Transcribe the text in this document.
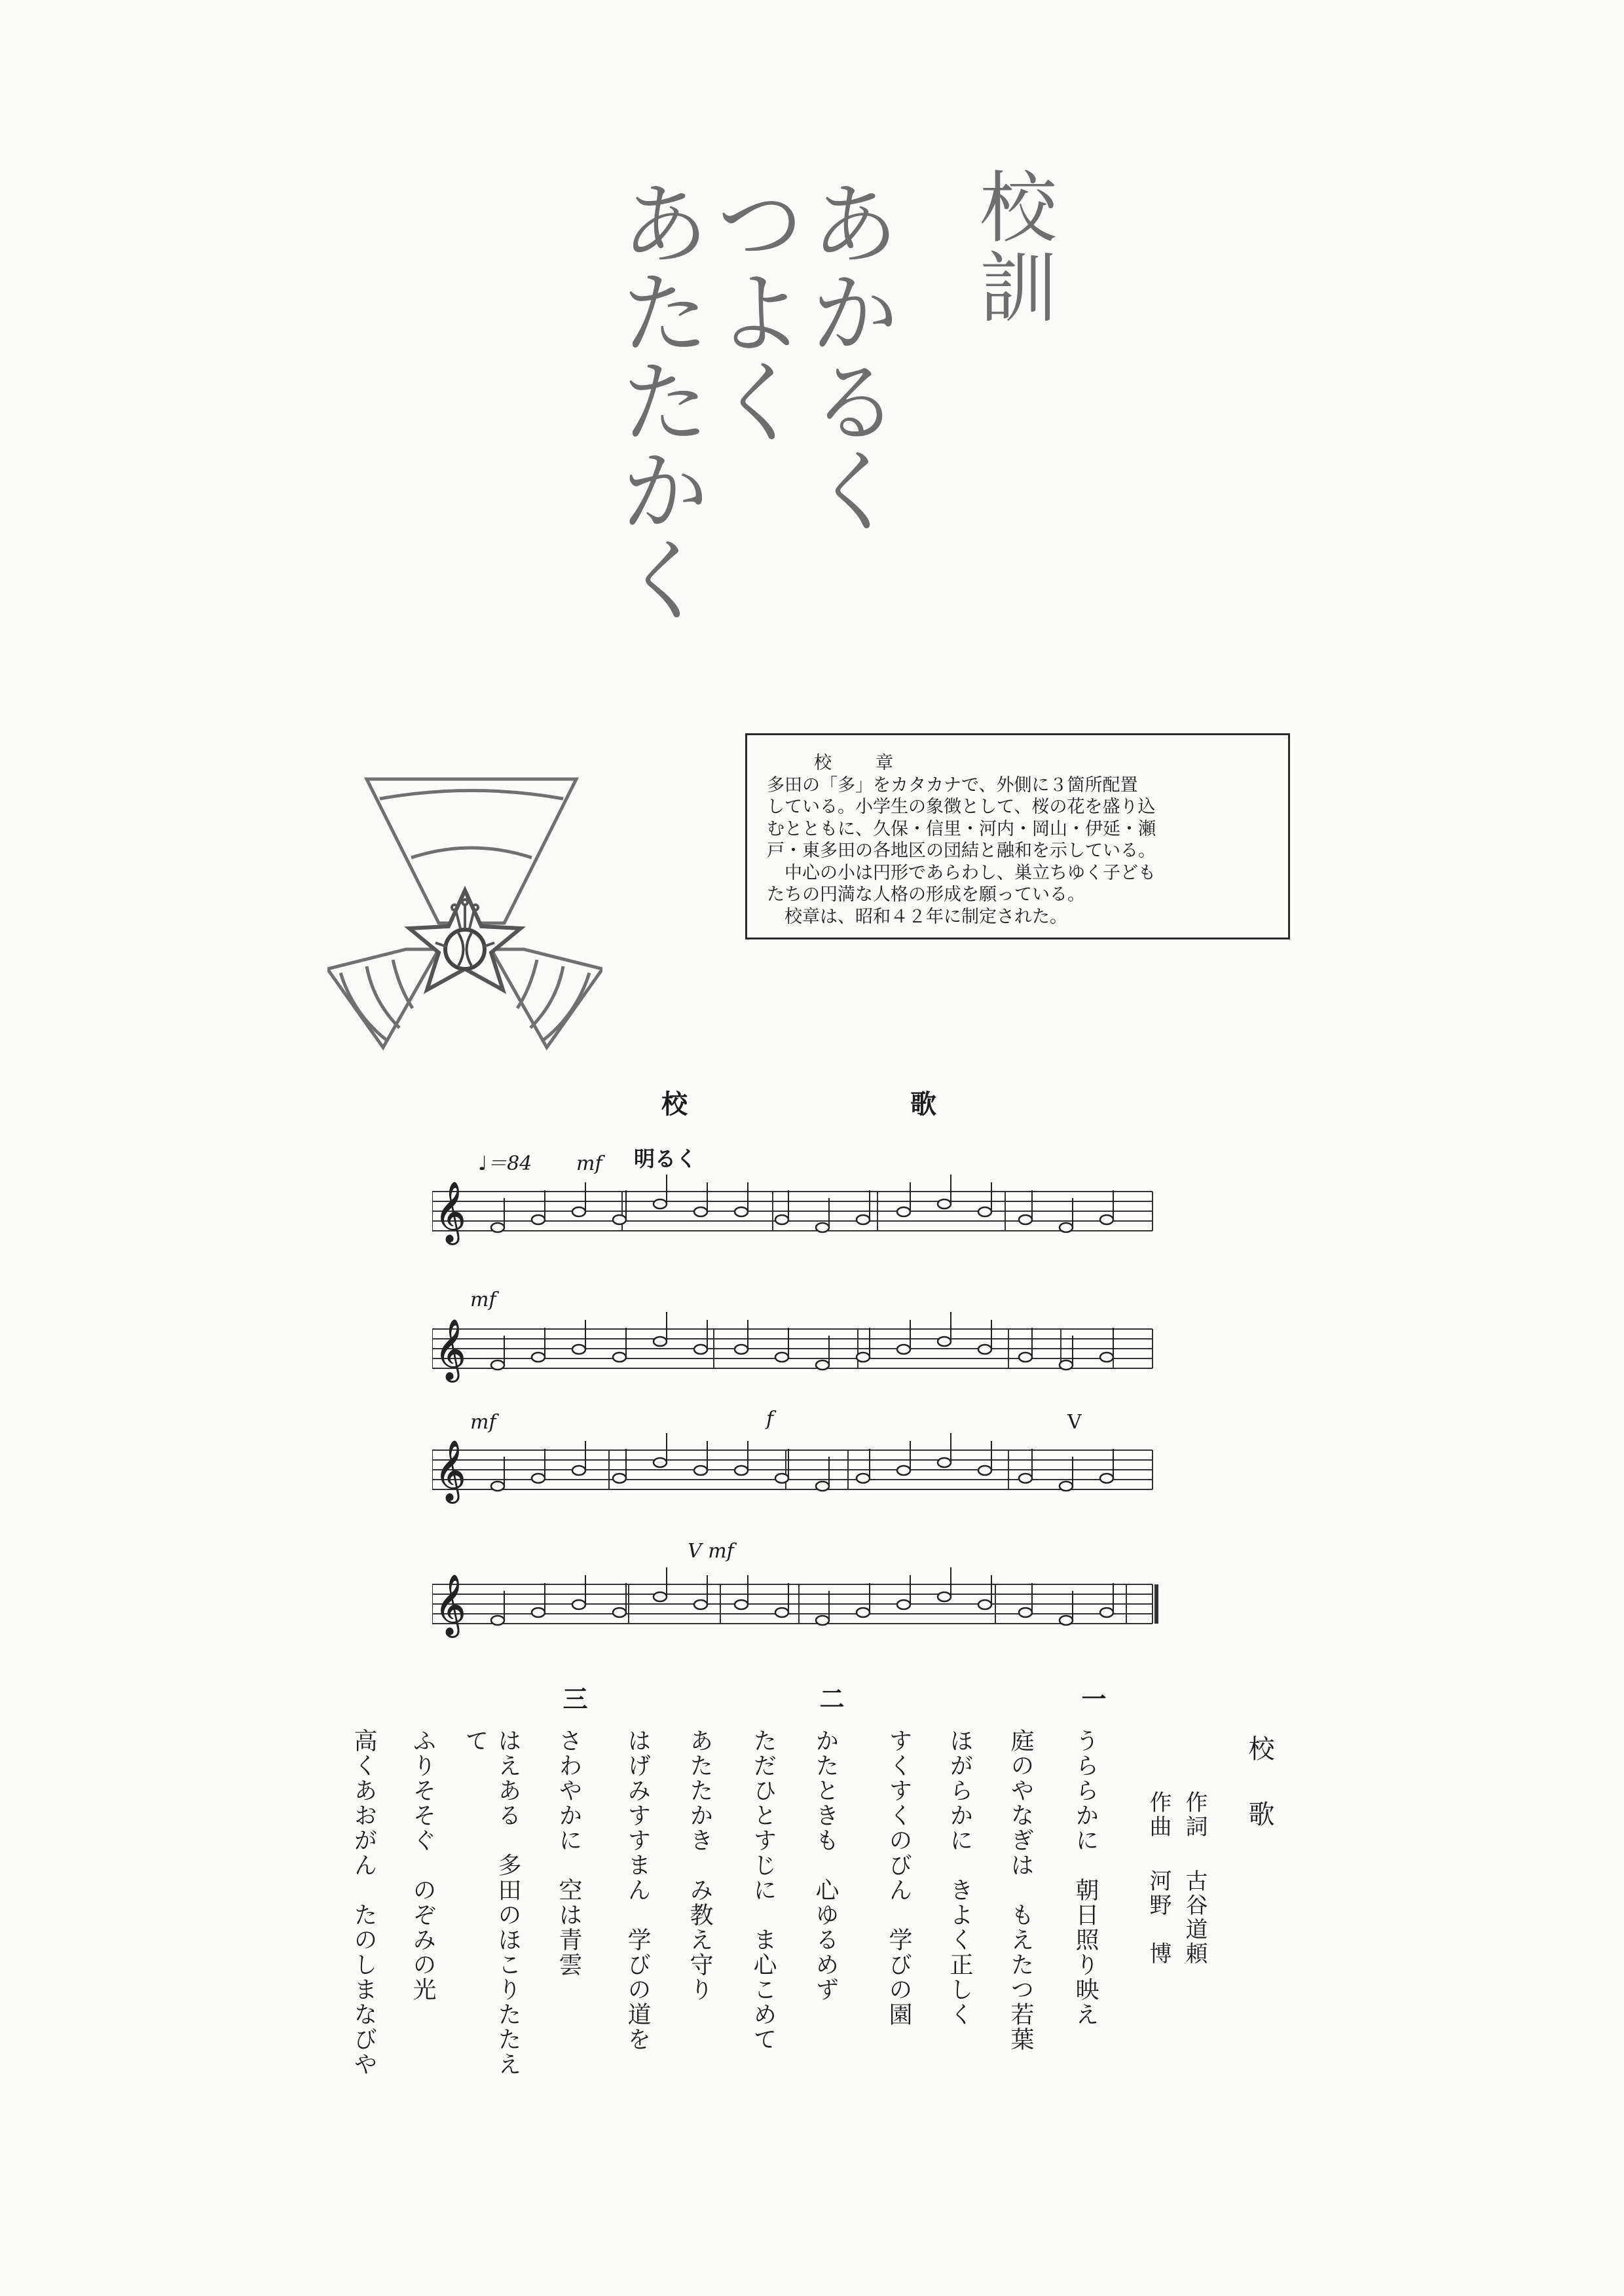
校訓
あかるく
つよく
あたたかく

校　章

多田の「多」をカタカナで、外側に３箇所配置

している。小学生の象徴として、桜の花を盛り込

むとともに、久保・信里・河内・岡山・伊延・瀬

戸・東多田の各地区の団結と融和を示している。

　中心の小は円形であらわし、巣立ちゆく子ども

たちの円満な人格の形成を願っている。

　校章は、昭和４２年に制定された。

校	歌
♩＝84 mf 明るく
mf
mf	f	V
V mf
𝄞
𝄞
𝄞
𝄞
校歌
作詞
古谷道頼
作曲
河野　博
一
うららかに　朝日照り映え
庭のやなぎは　もえたつ若葉
ほがらかに　きよく正しく
すくすくのびん　学びの園
二
かたときも　心ゆるめず
ただひとすじに　ま心こめて
あたたかき　み教え守り
はげみすすまん　学びの道を
三
さわやかに　空は青雲
はえある　多田のほこりたたえ
て
ふりそそぐ　のぞみの光
高くあおがん　たのしまなびや
